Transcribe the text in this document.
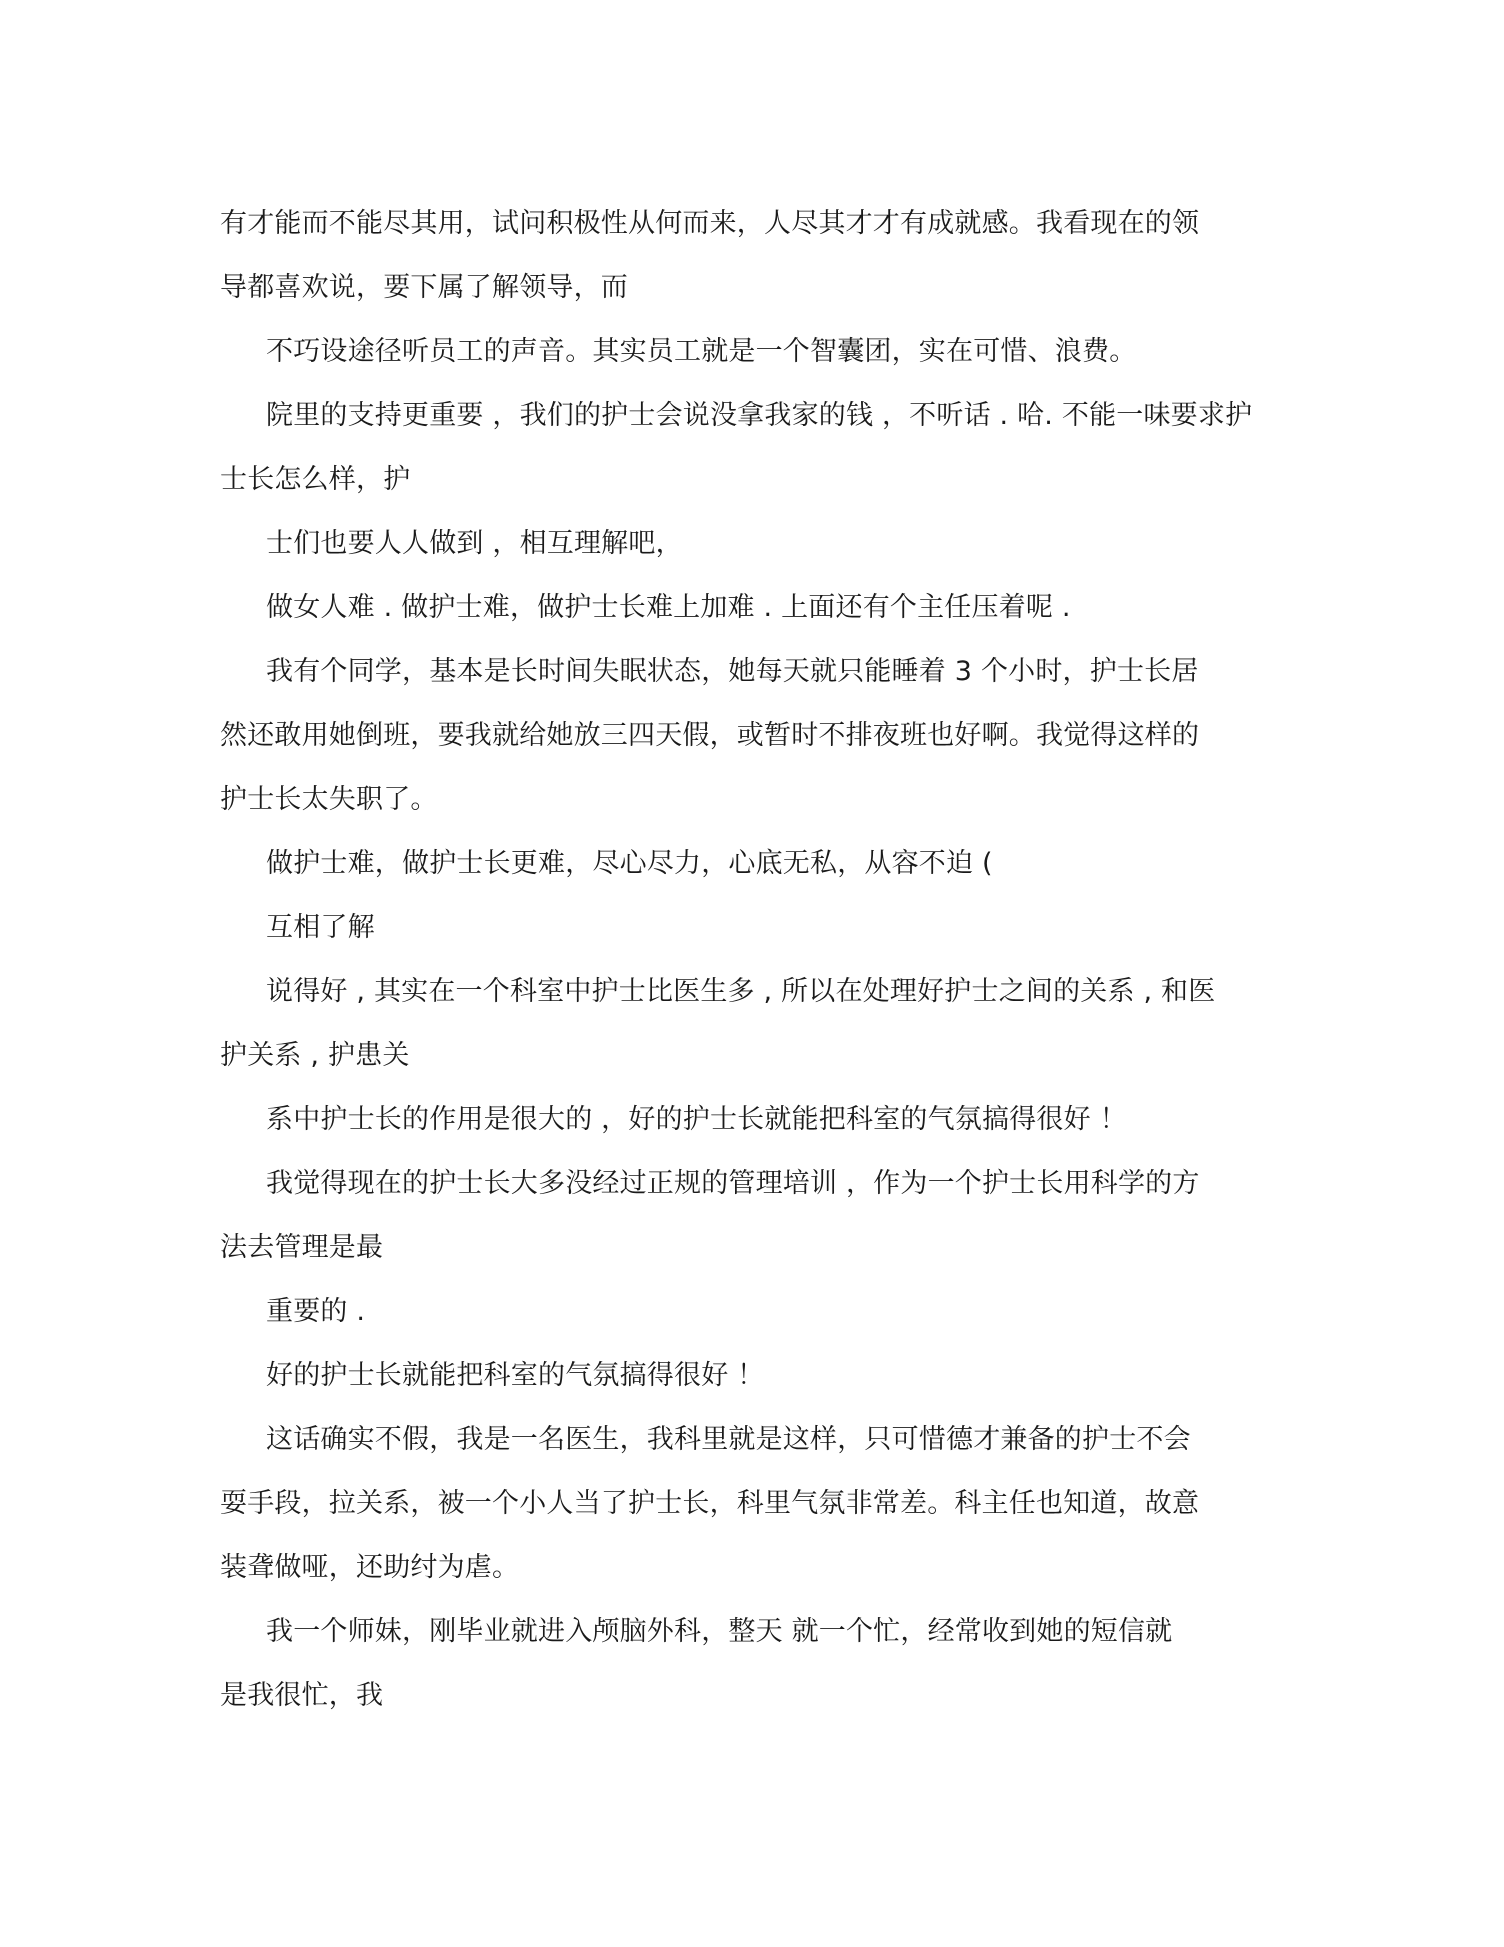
有才能而不能尽其用，试问积极性从何而来，人尽其才才有成就感。我看现在的领
导都喜欢说，要下属了解领导，而
不巧设途径听员工的声音。其实员工就是一个智囊团，实在可惜、浪费。
院里的支持更重要 ，我们的护士会说没拿我家的钱 ，不听话 . 哈. 不能一味要求护
士长怎么样，护
士们也要人人做到 ，相互理解吧，
做女人难 . 做护士难，做护士长难上加难 . 上面还有个主任压着呢 .
我有个同学，基本是长时间失眠状态，她每天就只能睡着 3 个小时，护士长居
然还敢用她倒班，要我就给她放三四天假，或暂时不排夜班也好啊。我觉得这样的
护士长太失职了。
做护士难，做护士长更难，尽心尽力，心底无私，从容不迫 (
互相了解
说得好 , 其实在一个科室中护士比医生多 , 所以在处理好护士之间的关系 , 和医
护关系 , 护患关
系中护士长的作用是很大的 ，好的护士长就能把科室的气氛搞得很好 ！
我觉得现在的护士长大多没经过正规的管理培训 ，作为一个护士长用科学的方
法去管理是最
重要的 .
好的护士长就能把科室的气氛搞得很好 ！
这话确实不假，我是一名医生，我科里就是这样，只可惜德才兼备的护士不会
耍手段，拉关系，被一个小人当了护士长，科里气氛非常差。科主任也知道，故意
装聋做哑，还助纣为虐。
我一个师妹，刚毕业就进入颅脑外科，整天 就一个忙，经常收到她的短信就
是我很忙，我
